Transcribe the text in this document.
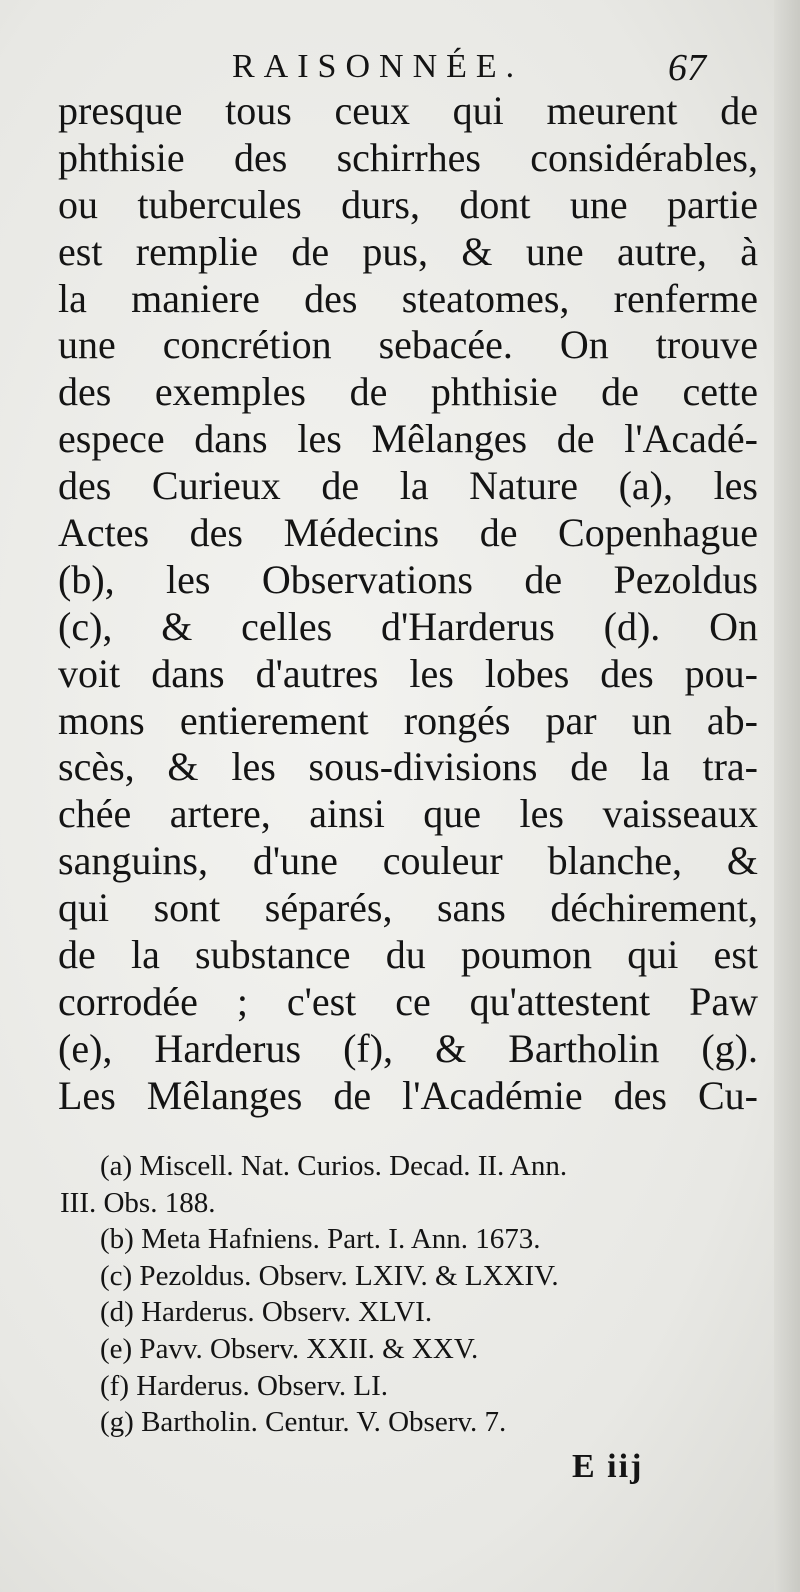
RAISONNÉE.	67
presque tous ceux qui meurent de
phthisie des schirrhes considérables,
ou tubercules durs, dont une partie
est remplie de pus, & une autre, à
la maniere des steatomes, renferme
une concrétion sebacée. On trouve
des exemples de phthisie de cette
espece dans les Mêlanges de l'Acadé-
des Curieux de la Nature (a), les
Actes des Médecins de Copenhague
(b), les Observations de Pezoldus
(c), & celles d'Harderus (d). On
voit dans d'autres les lobes des pou-
mons entierement rongés par un ab-
scès, & les sous-divisions de la tra-
chée artere, ainsi que les vaisseaux
sanguins, d'une couleur blanche, &
qui sont séparés, sans déchirement,
de la substance du poumon qui est
corrodée ; c'est ce qu'attestent Paw
(e), Harderus (f), & Bartholin (g).
Les Mêlanges de l'Académie des Cu-
(a) Miscell. Nat. Curios. Decad. II. Ann.
III. Obs. 188.
(b) Meta Hafniens. Part. I. Ann. 1673.
(c) Pezoldus. Observ. LXIV. & LXXIV.
(d) Harderus. Observ. XLVI.
(e) Pavv. Observ. XXII. & XXV.
(f) Harderus. Observ. LI.
(g) Bartholin. Centur. V. Observ. 7.
E iij
